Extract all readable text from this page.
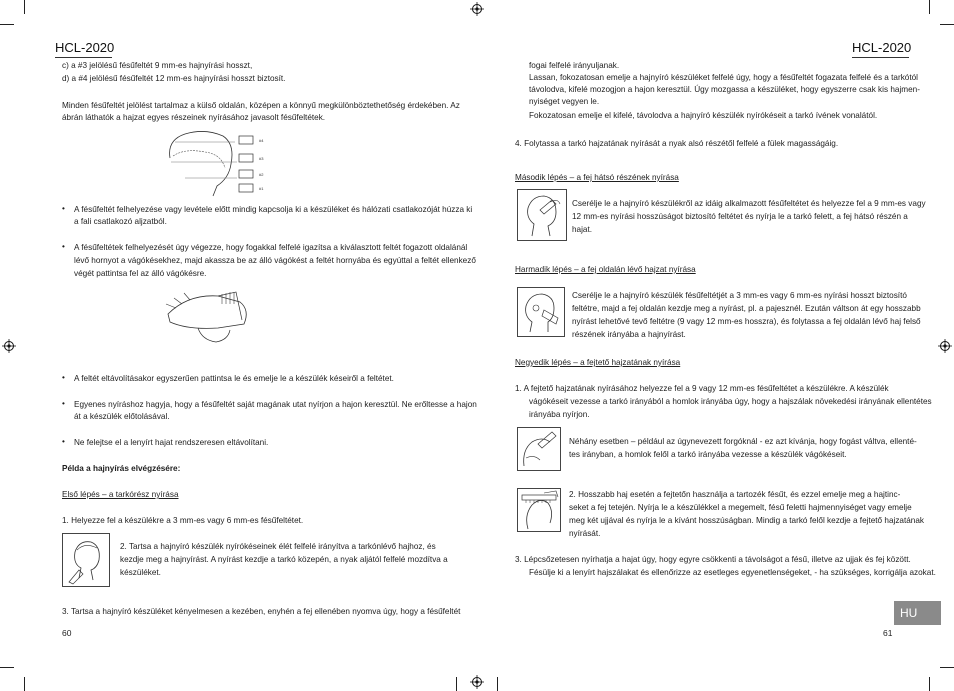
HCL-2020
c) a #3 jelölésű fésűfeltét 9 mm-es hajnyírási hosszt,
d) a #4 jelölésű fésűfeltét 12 mm-es hajnyírási hosszt biztosít.
Minden fésűfeltét jelölést tartalmaz a külső oldalán, középen a könnyű megkülönböztethetőség érdekében. Az
ábrán láthatók a hajzat egyes részeinek nyírásához javasolt fésűfeltétek.
#4
#3
#2
#1
• A fésűfeltét felhelyezése vagy levétele előtt mindig kapcsolja ki a készüléket és hálózati csatlakozóját húzza ki
a fali csatlakozó aljzatból.
• A fésűfeltétek felhelyezését úgy végezze, hogy fogakkal felfelé igazítsa a kiválasztott feltét fogazott oldalánál
lévő hornyot a vágókésekhez, majd akassza be az álló vágókést a feltét hornyába és egyúttal a feltét ellenkező
végét pattintsa fel az álló vágókésre.
• A feltét eltávolításakor egyszerűen pattintsa le és emelje le a készülék késeiről a feltétet.
• Egyenes nyíráshoz hagyja, hogy a fésűfeltét saját magának utat nyírjon a hajon keresztül. Ne erőltesse a hajon
át a készülék előtolásával.
• Ne felejtse el a lenyírt hajat rendszeresen eltávolítani.
Példa a hajnyírás elvégzésére:
Első lépés – a tarkórész nyírása
1. Helyezze fel a készülékre a 3 mm-es vagy 6 mm-es fésűfeltétet.
2. Tartsa a hajnyíró készülék nyírókéseinek élét felfelé irányítva a tarkónlévő hajhoz, és
kezdje meg a hajnyírást. A nyírást kezdje a tarkó közepén, a nyak aljától felfelé mozdítva a
készüléket.
3. Tartsa a hajnyíró készüléket kényelmesen a kezében, enyhén a fej ellenében nyomva úgy, hogy a fésűfeltét
60
HCL-2020
fogai felfelé irányuljanak.
Lassan, fokozatosan emelje a hajnyíró készüléket felfelé úgy, hogy a fésűfeltét fogazata felfelé és a tarkótól
távolodva, kifelé mozogjon a hajon keresztül. Úgy mozgassa a készüléket, hogy egyszerre csak kis hajmen-
nyiséget vegyen le.
Fokozatosan emelje el kifelé, távolodva a hajnyíró készülék nyírókéseit a tarkó ívének vonalától.
4. Folytassa a tarkó hajzatának nyírását a nyak alsó részétől felfelé a fülek magasságáig.
Második lépés – a fej hátsó részének nyírása
Cserélje le a hajnyíró készülékről az idáig alkalmazott fésűfeltétet és helyezze fel a 9 mm-es vagy
12 mm-es nyírási hosszúságot biztosító feltétet és nyírja le a tarkó felett, a fej hátsó részén a
hajat.
Harmadik lépés – a fej oldalán lévő hajzat nyírása
Cserélje le a hajnyíró készülék fésűfeltétjét a 3 mm-es vagy 6 mm-es nyírási hosszt biztosító
feltétre, majd a fej oldalán kezdje meg a nyírást, pl. a pajesznél. Ezután váltson át egy hosszabb
nyírást lehetővé tevő feltétre (9 vagy 12 mm-es hosszra), és folytassa a fej oldalán lévő haj felső
részének irányába a hajnyírást.
Negyedik lépés – a fejtető hajzatának nyírása
1. A fejtető hajzatának nyírásához helyezze fel a 9 vagy 12 mm-es fésűfeltétet a készülékre. A készülék
vágókéseit vezesse a tarkó irányából a homlok irányába úgy, hogy a hajszálak növekedési irányának ellentétes
irányába nyírjon.
Néhány esetben – például az úgynevezett forgóknál - ez azt kívánja, hogy fogást váltva, ellenté-
tes irányban, a homlok felől a tarkó irányába vezesse a készülék vágókéseit.
2. Hosszabb haj esetén a fejtetőn használja a tartozék fésűt, és ezzel emelje meg a hajtinc-
seket a fej tetején. Nyírja le a készülékkel a megemelt, fésű feletti hajmennyiséget vagy emelje
meg két ujjával és nyírja le a kívánt hosszúságban. Mindig a tarkó felől kezdje a fejtető hajzatának
nyírását.
3. Lépcsőzetesen nyírhatja a hajat úgy, hogy egyre csökkenti a távolságot a fésű, illetve az ujjak és fej között.
Fésülje ki a lenyírt hajszálakat és ellenőrizze az esetleges egyenetlenségeket, - ha szükséges, korrigálja azokat.
61
HU
